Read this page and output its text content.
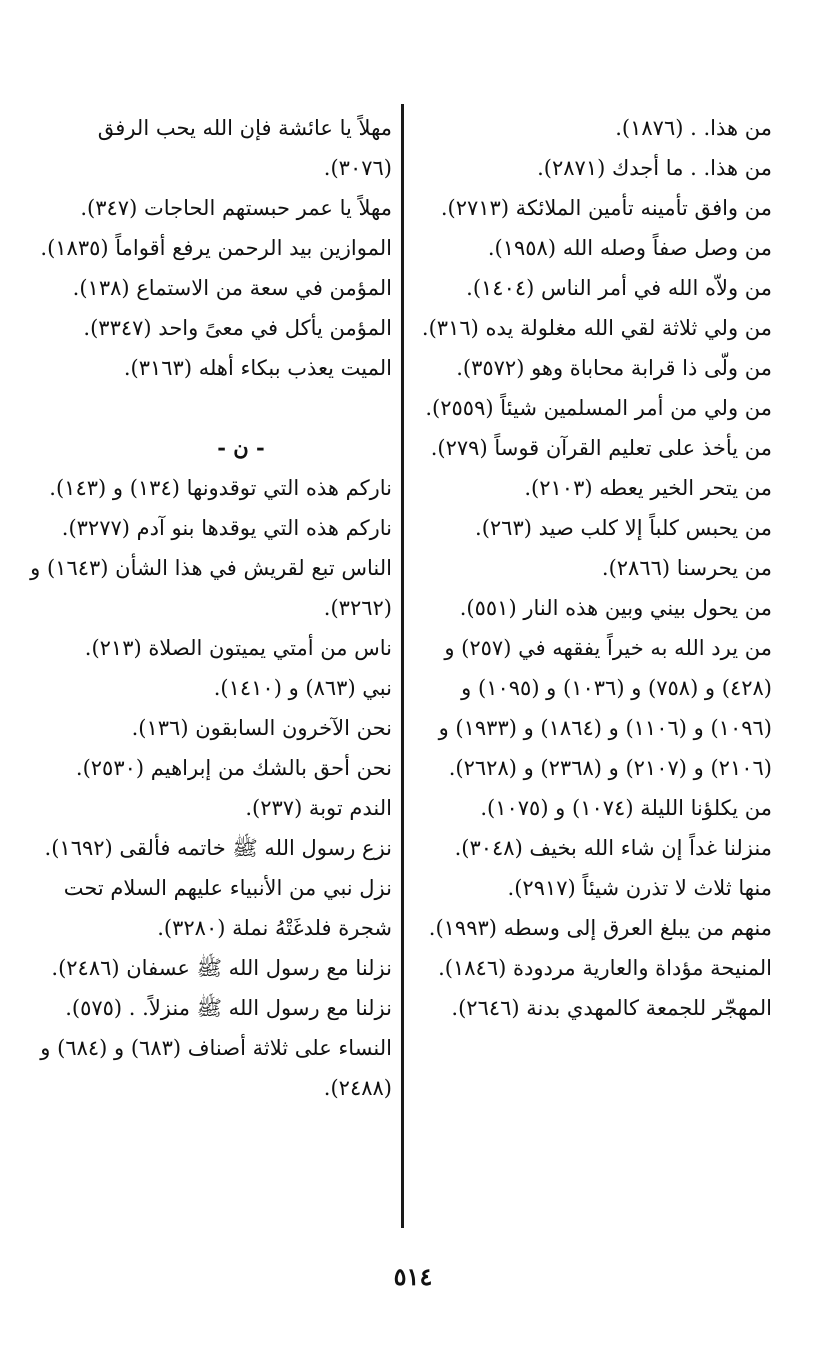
من هذا. . (١٨٧٦).
من هذا. . ما أجدك (٢٨٧١).
من وافق تأمينه تأمين الملائكة (٢٧١٣).
من وصل صفاً وصله الله (١٩٥٨).
من ولاّه الله في أمر الناس (١٤٠٤).
من ولي ثلاثة لقي الله مغلولة يده (٣١٦).
من ولّى ذا قرابة محاباة وهو (٣٥٧٢).
من ولي من أمر المسلمين شيئاً (٢٥٥٩).
من يأخذ على تعليم القرآن قوساً (٢٧٩).
من يتحر الخير يعطه (٢١٠٣).
من يحبس كلباً إلا كلب صيد (٢٦٣).
من يحرسنا (٢٨٦٦).
من يحول بيني وبين هذه النار (٥٥١).
من يرد الله به خيراً يفقهه في (٢٥٧) و (٤٢٨) و (٧٥٨) و (١٠٣٦) و (١٠٩٥) و (١٠٩٦) و (١١٠٦) و (١٨٦٤) و (١٩٣٣) و (٢١٠٦) و (٢١٠٧) و (٢٣٦٨) و (٢٦٢٨).
من يكلؤنا الليلة (١٠٧٤) و (١٠٧٥).
منزلنا غداً إن شاء الله بخيف (٣٠٤٨).
منها ثلاث لا تذرن شيئاً (٢٩١٧).
منهم من يبلغ العرق إلى وسطه (١٩٩٣).
المنيحة مؤداة والعارية مردودة (١٨٤٦).
المهجّر للجمعة كالمهدي بدنة (٢٦٤٦).
مهلاً يا عائشة فإن الله يحب الرفق (٣٠٧٦).
مهلاً يا عمر حبستهم الحاجات (٣٤٧).
الموازين بيد الرحمن يرفع أقواماً (١٨٣٥).
المؤمن في سعة من الاستماع (١٣٨).
المؤمن يأكل في معىً واحد (٣٣٤٧).
الميت يعذب ببكاء أهله (٣١٦٣).
- ن -
ناركم هذه التي توقدونها (١٣٤) و (١٤٣).
ناركم هذه التي يوقدها بنو آدم (٣٢٧٧).
الناس تبع لقريش في هذا الشأن (١٦٤٣) و (٣٢٦٢).
ناس من أمتي يميتون الصلاة (٢١٣).
نبي (٨٦٣) و (١٤١٠).
نحن الآخرون السابقون (١٣٦).
نحن أحق بالشك من إبراهيم (٢٥٣٠).
الندم توبة (٢٣٧).
نزع رسول الله ﷺ خاتمه فألقى (١٦٩٢).
نزل نبي من الأنبياء عليهم السلام تحت شجرة فلدغَتْهُ نملة (٣٢٨٠).
نزلنا مع رسول الله ﷺ عسفان (٢٤٨٦).
نزلنا مع رسول الله ﷺ منزلاً. . (٥٧٥).
النساء على ثلاثة أصناف (٦٨٣) و (٦٨٤) و (٢٤٨٨).
٥١٤
